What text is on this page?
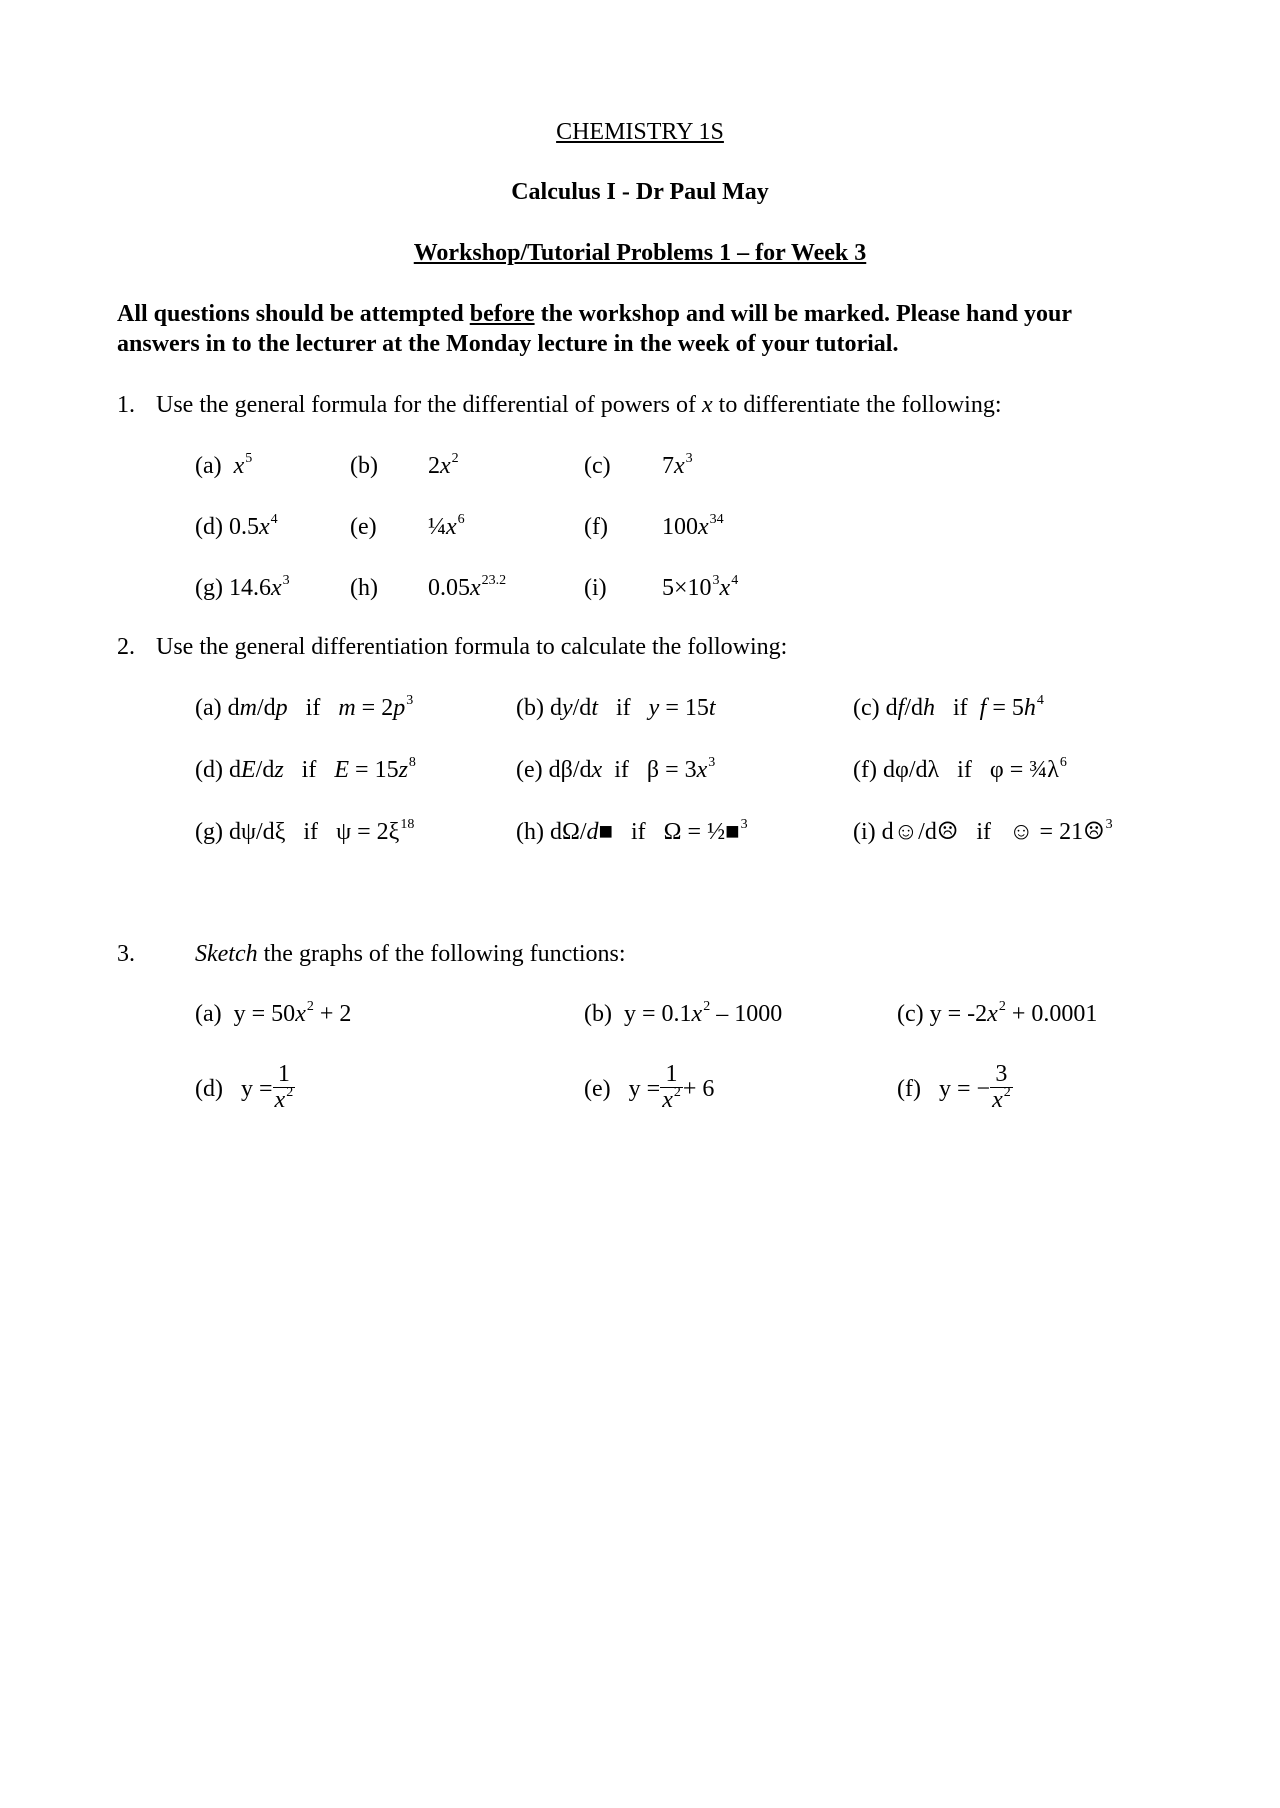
CHEMISTRY 1S
Calculus I - Dr Paul May
Workshop/Tutorial Problems 1 – for Week 3
All questions should be attempted before the workshop and will be marked. Please hand your
answers in to the lecturer at the Monday lecture in the week of your tutorial.
1. Use the general formula for the differential of powers of x to differentiate the following:
(a) $x^5$	(b) $2x^2$	(c) $7x^3$
(d) $0.5x^4$	(e) $\frac{1}{4}x^6$	(f) $100x^{34}$
(g) $14.6x^3$	(h) $0.05x^{23.2}$	(i) $5\times 10^3x^4$
2. Use the general differentiation formula to calculate the following:
(a) dm/dp   if   $m = 2p^3$	(b) dy/dt   if   y = 15t	(c) df/dh   if  $f = 5h^4$
(d) dE/dz   if   $E = 15z^8$	(e) dβ/dx  if   $\beta = 3x^3$	(f) dφ/dλ   if   $\varphi = \frac{3}{4}\lambda^6$
(g) dψ/dξ   if   $\psi = 2\xi^{18}$	(h) dΩ/d■   if   Ω = ½■$^3$	(i) d☺/d☹   if   ☺ = 21☹$^3$
3.	Sketch the graphs of the following functions:
(a) $y = 50x^2 + 2$	(b) $y = 0.1x^2 - 1000$	(c) $y = -2x^2 + 0.0001$
(d) $y = \frac{1}{x^2}$	(e) $y = \frac{1}{x^2} + 6$	(f) y = − $\frac{3}{x^2}$
